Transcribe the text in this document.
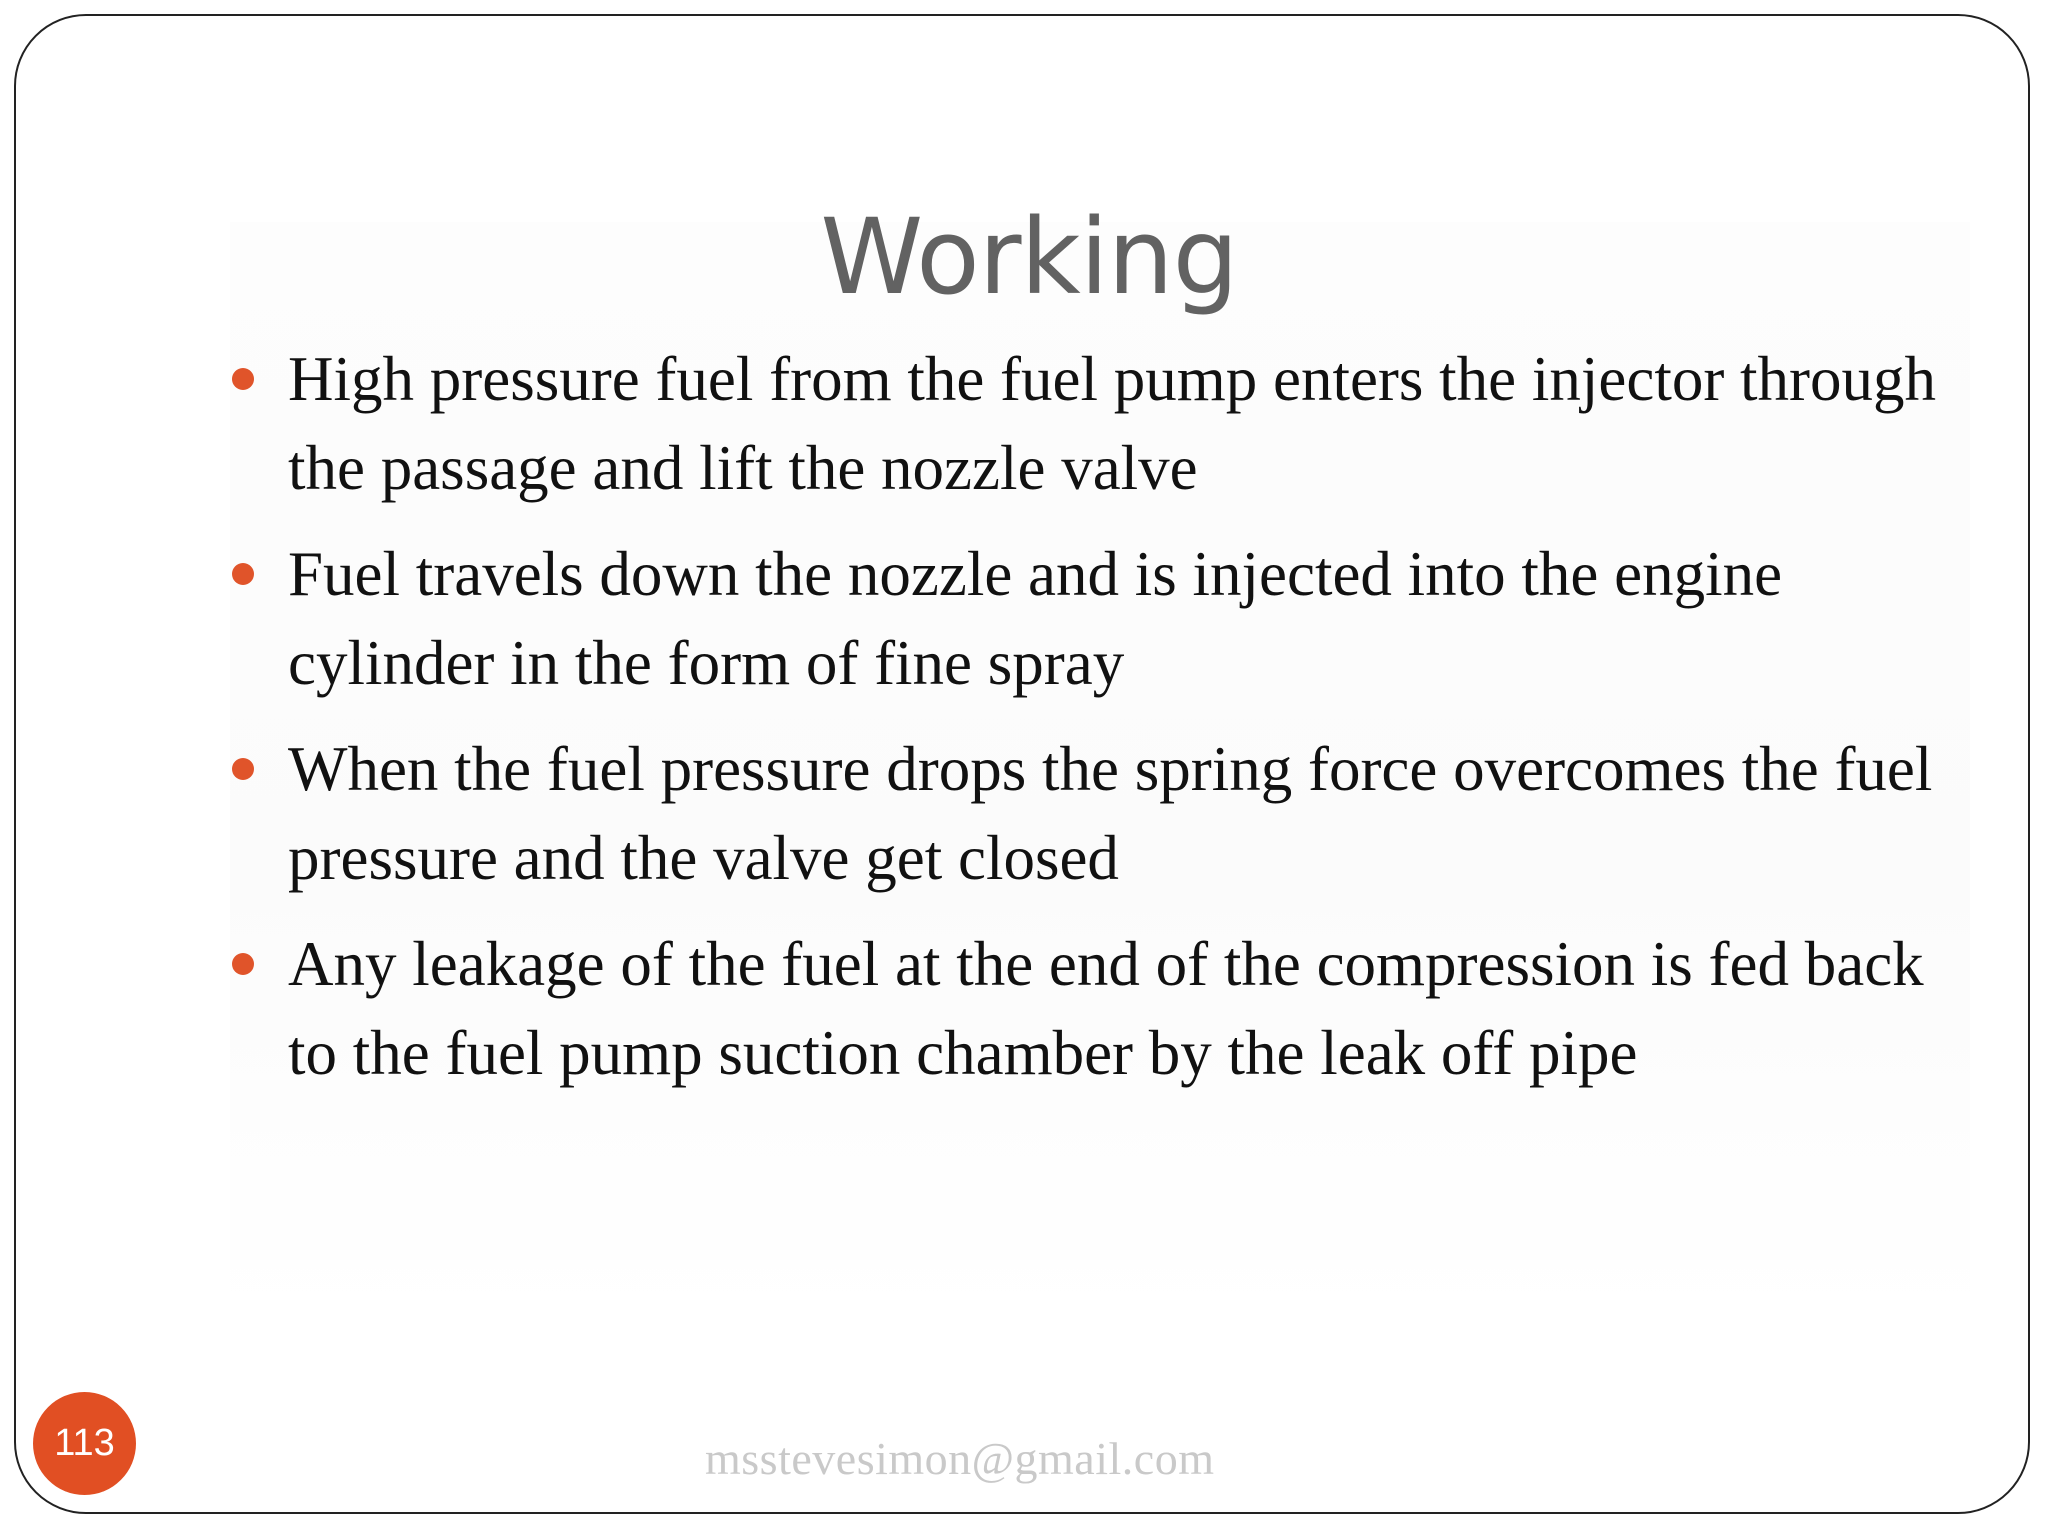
Working
High pressure fuel from the fuel pump enters the injector through the passage and lift the nozzle valve
Fuel travels down the nozzle and is injected into the engine cylinder in the form of fine spray
When the fuel pressure drops the spring force overcomes the fuel pressure and the valve get closed
Any leakage of the fuel at the end of the compression is fed back to the fuel pump suction chamber by the leak off pipe
113	msstevesimon@gmail.com
